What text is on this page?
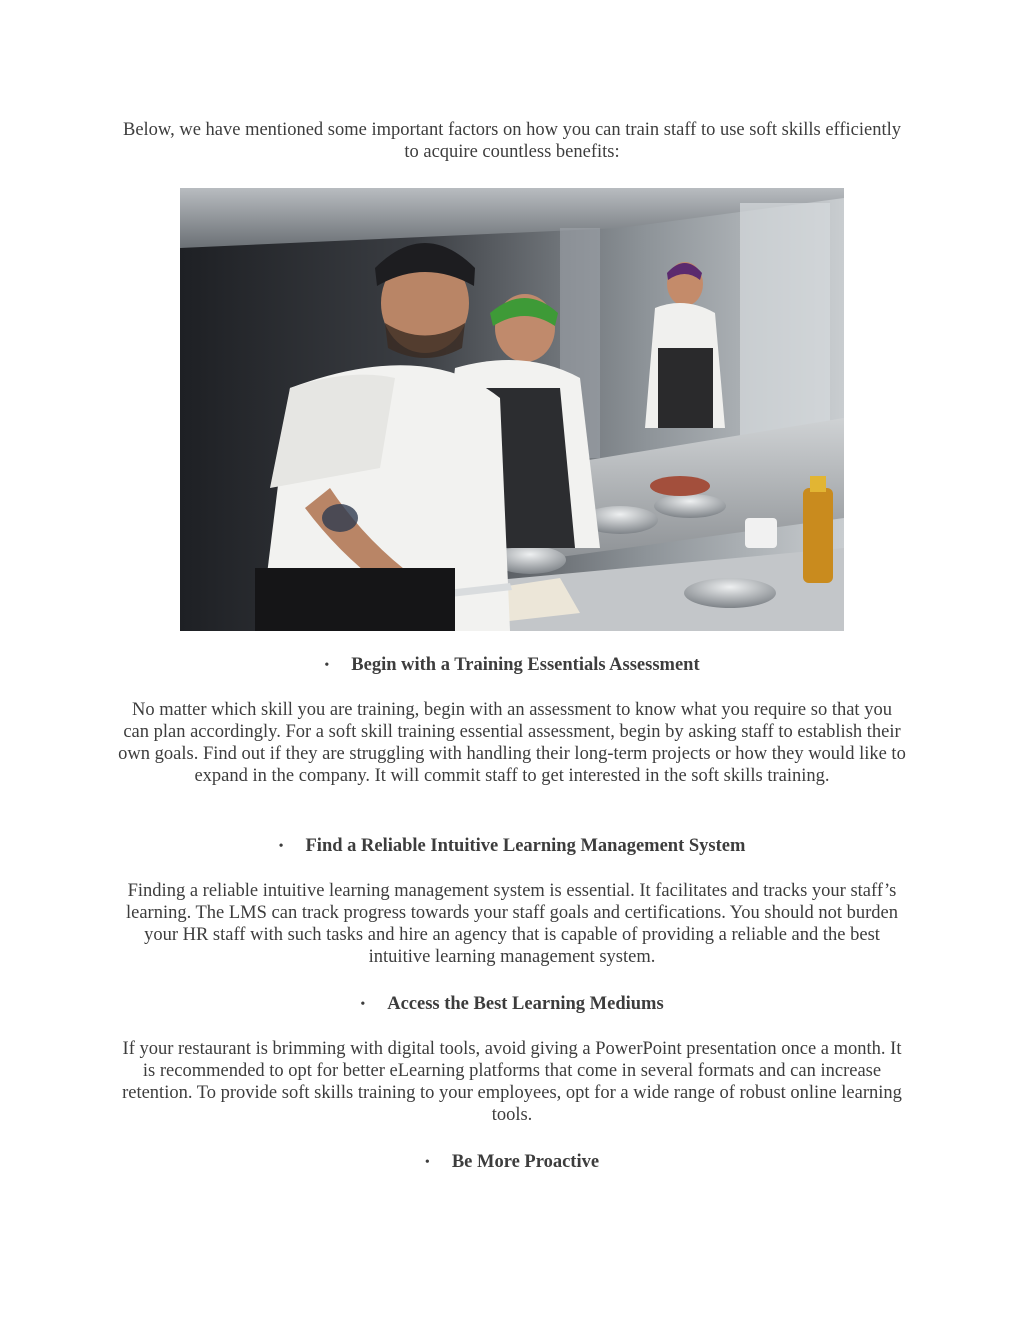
Below, we have mentioned some important factors on how you can train staff to use soft skills efficiently to acquire countless benefits:

• Begin with a Training Essentials Assessment

No matter which skill you are training, begin with an assessment to know what you require so that you can plan accordingly. For a soft skill training essential assessment, begin by asking staff to establish their own goals. Find out if they are struggling with handling their long-term projects or how they would like to expand in the company. It will commit staff to get interested in the soft skills training.

• Find a Reliable Intuitive Learning Management System

Finding a reliable intuitive learning management system is essential. It facilitates and tracks your staff’s learning. The LMS can track progress towards your staff goals and certifications. You should not burden your HR staff with such tasks and hire an agency that is capable of providing a reliable and the best intuitive learning management system.

• Access the Best Learning Mediums

If your restaurant is brimming with digital tools, avoid giving a PowerPoint presentation once a month. It is recommended to opt for better eLearning platforms that come in several formats and can increase retention. To provide soft skills training to your employees, opt for a wide range of robust online learning tools.

• Be More Proactive
